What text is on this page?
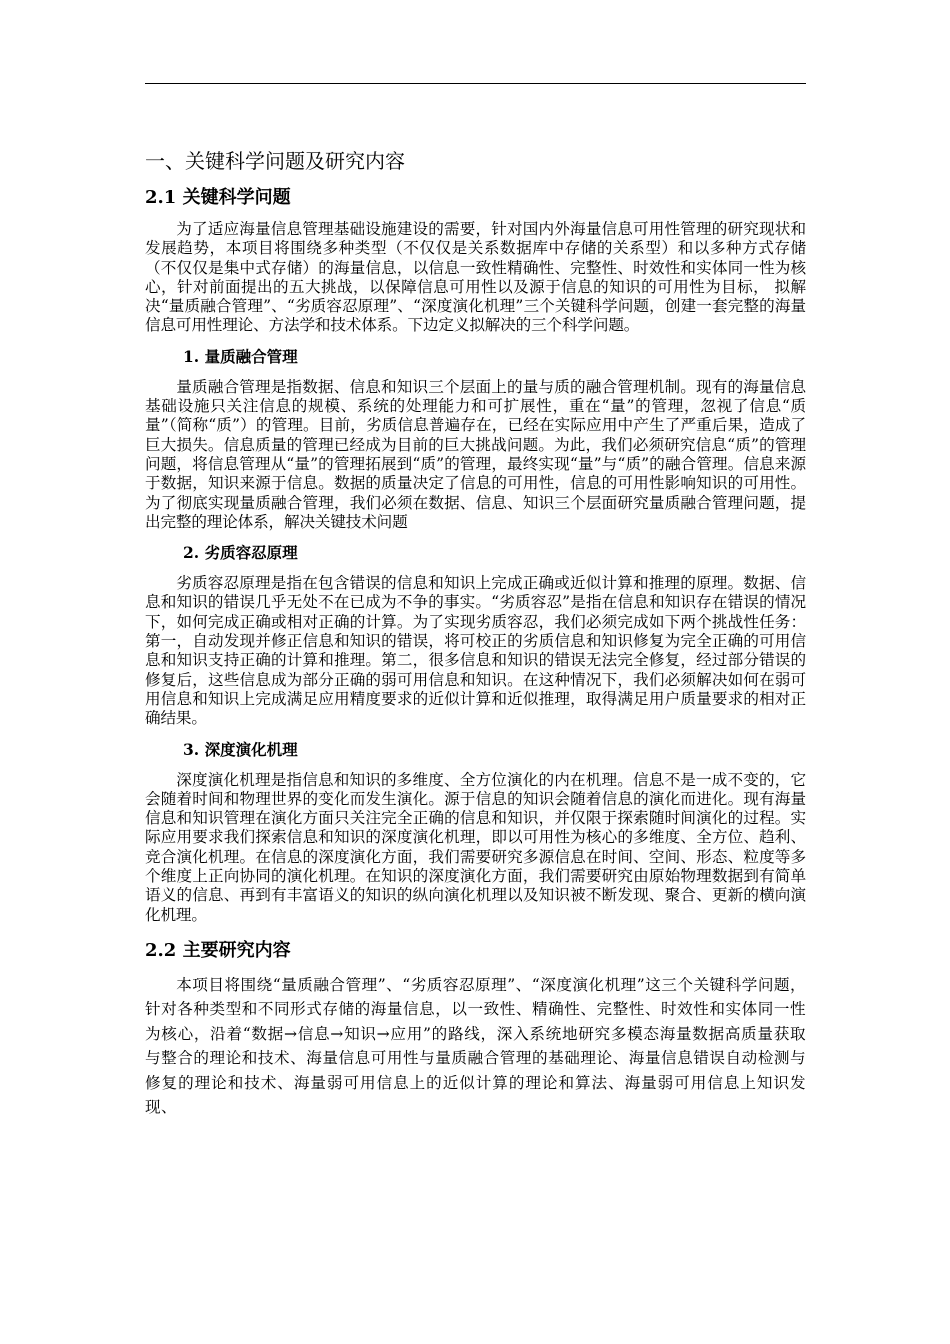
一、关键科学问题及研究内容
2.1 关键科学问题

为了适应海量信息管理基础设施建设的需要，针对国内外海量信息可用性管理的研究现状和发展趋势，本项目将围绕多种类型（不仅仅是关系数据库中存储的关系型）和以多种方式存储（不仅仅是集中式存储）的海量信息，以信息一致性精确性、完整性、时效性和实体同一性为核心，针对前面提出的五大挑战，以保障信息可用性以及源于信息的知识的可用性为目标， 拟解决“量质融合管理”、“劣质容忍原理”、“深度演化机理”三个关键科学问题，创建一套完整的海量信息可用性理论、方法学和技术体系。下边定义拟解决的三个科学问题。

1. 量质融合管理

量质融合管理是指数据、信息和知识三个层面上的量与质的融合管理机制。现有的海量信息基础设施只关注信息的规模、系统的处理能力和可扩展性，重在“量”的管理，忽视了信息“质量”（简称“质”）的管理。目前，劣质信息普遍存在，已经在实际应用中产生了严重后果，造成了巨大损失。信息质量的管理已经成为目前的巨大挑战问题。为此，我们必须研究信息“质”的管理问题，将信息管理从“量”的管理拓展到“质”的管理，最终实现“量”与“质”的融合管理。信息来源于数据，知识来源于信息。数据的质量决定了信息的可用性，信息的可用性影响知识的可用性。为了彻底实现量质融合管理，我们必须在数据、信息、知识三个层面研究量质融合管理问题，提出完整的理论体系，解决关键技术问题

2. 劣质容忍原理

劣质容忍原理是指在包含错误的信息和知识上完成正确或近似计算和推理的原理。数据、信息和知识的错误几乎无处不在已成为不争的事实。“劣质容忍”是指在信息和知识存在错误的情况下，如何完成正确或相对正确的计算。为了实现劣质容忍，我们必须完成如下两个挑战性任务：第一，自动发现并修正信息和知识的错误，将可校正的劣质信息和知识修复为完全正确的可用信息和知识支持正确的计算和推理。第二，很多信息和知识的错误无法完全修复，经过部分错误的修复后，这些信息成为部分正确的弱可用信息和知识。在这种情况下，我们必须解决如何在弱可用信息和知识上完成满足应用精度要求的近似计算和近似推理，取得满足用户质量要求的相对正确结果。

3. 深度演化机理

深度演化机理是指信息和知识的多维度、全方位演化的内在机理。信息不是一成不变的，它会随着时间和物理世界的变化而发生演化。源于信息的知识会随着信息的演化而进化。现有海量信息和知识管理在演化方面只关注完全正确的信息和知识，并仅限于探索随时间演化的过程。实际应用要求我们探索信息和知识的深度演化机理，即以可用性为核心的多维度、全方位、趋利、竞合演化机理。在信息的深度演化方面，我们需要研究多源信息在时间、空间、形态、粒度等多个维度上正向协同的演化机理。在知识的深度演化方面，我们需要研究由原始物理数据到有简单语义的信息、再到有丰富语义的知识的纵向演化机理以及知识被不断发现、聚合、更新的横向演化机理。

2.2 主要研究内容

本项目将围绕“量质融合管理”、“劣质容忍原理”、“深度演化机理”这三个关键科学问题，针对各种类型和不同形式存储的海量信息，以一致性、精确性、完整性、时效性和实体同一性为核心，沿着“数据→信息→知识→应用”的路线，深入系统地研究多模态海量数据高质量获取与整合的理论和技术、海量信息可用性与量质融合管理的基础理论、海量信息错误自动检测与修复的理论和技术、海量弱可用信息上的近似计算的理论和算法、海量弱可用信息上知识发现、
